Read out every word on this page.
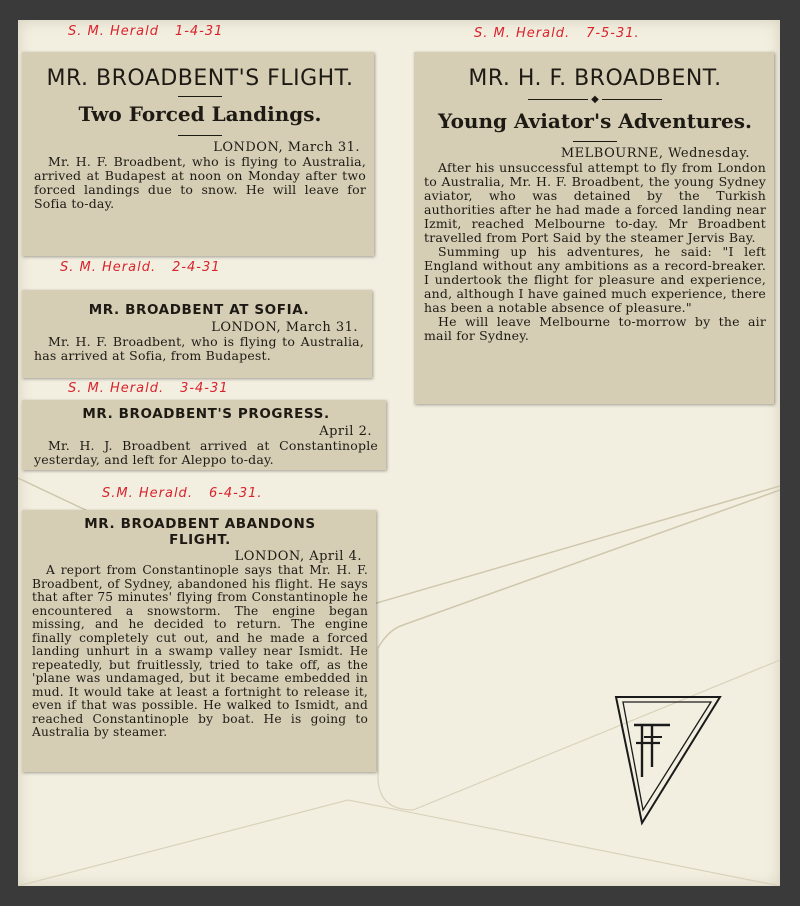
S. M. Herald 1-4-31
S. M. Herald. 2-4-31
S. M. Herald. 3-4-31
S.M. Herald. 6-4-31.
S. M. Herald. 7-5-31.
MR. BROADBENT'S FLIGHT.
Two Forced Landings.

LONDON, March 31.

Mr. H. F. Broadbent, who is flying to Australia, arrived at Budapest at noon on Monday after two forced landings due to snow. He will leave for Sofia to-day.

MR. BROADBENT AT SOFIA.

LONDON, March 31.

Mr. H. F. Broadbent, who is flying to Australia, has arrived at Sofia, from Budapest.

MR. BROADBENT'S PROGRESS.

April 2.

Mr. H. J. Broadbent arrived at Constantinople yesterday, and left for Aleppo to-day.

MR. BROADBENT ABANDONS FLIGHT.

LONDON, April 4.

A report from Constantinople says that Mr. H. F. Broadbent, of Sydney, abandoned his flight. He says that after 75 minutes' flying from Constantinople he encountered a snowstorm. The engine began missing, and he decided to return. The engine finally completely cut out, and he made a forced landing unhurt in a swamp valley near Ismidt. He repeatedly, but fruitlessly, tried to take off, as the 'plane was undamaged, but it became embedded in mud. It would take at least a fortnight to release it, even if that was possible. He walked to Ismidt, and reached Constantinople by boat. He is going to Australia by steamer.

MR. H. F. BROADBENT.
◆
Young Aviator's Adventures.

MELBOURNE, Wednesday.

After his unsuccessful attempt to fly from London to Australia, Mr. H. F. Broadbent, the young Sydney aviator, who was detained by the Turkish authorities after he had made a forced landing near Izmit, reached Melbourne to-day. Mr Broadbent travelled from Port Said by the steamer Jervis Bay.

Summing up his adventures, he said: "I left England without any ambitions as a record-breaker. I undertook the flight for pleasure and experience, and, although I have gained much experience, there has been a notable absence of pleasure."

He will leave Melbourne to-morrow by the air mail for Sydney.
